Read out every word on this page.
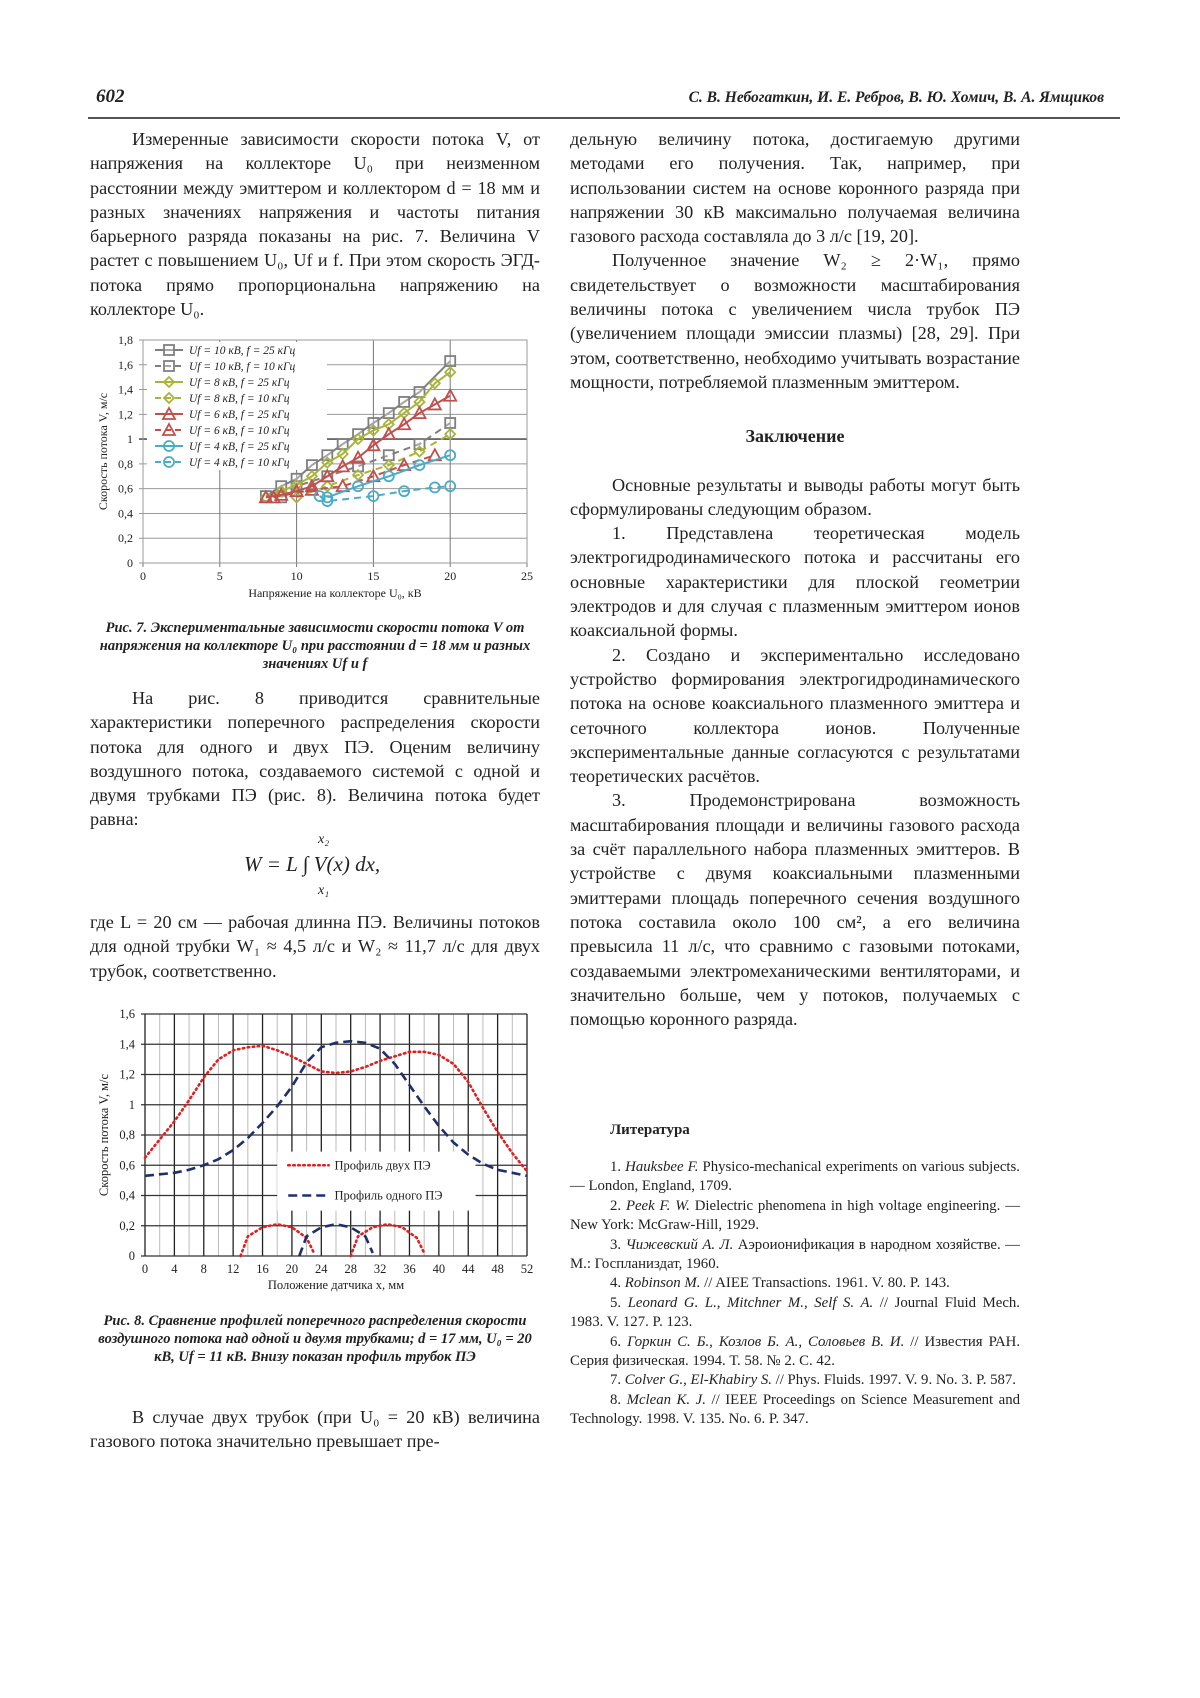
602	С. В. Небогаткин, И. Е. Ребров, В. Ю. Хомич, В. А. Ямщиков

Измеренные зависимости скорости потока V, от напряжения на коллекторе U₀ при неизменном расстоянии между эмиттером и коллектором d = 18 мм и разных значениях напряжения и частоты питания барьерного разряда показаны на рис. 7. Величина V растет с повышением U₀, Uf и f. При этом скорость ЭГД-потока прямо пропорциональна напряжению на коллекторе U₀.

0
0,2
0,4
0,6
0,8
1
1,2
1,4
1,6
1,8
0	5	10	15	20	25
Напряжение на коллекторе U₀, кВ
Скорость потока V, м/с
Uf = 10 кВ, f = 25 кГц
Uf = 10 кВ, f = 10 кГц
Uf = 8 кВ, f = 25 кГц
Uf = 8 кВ, f = 10 кГц
Uf = 6 кВ, f = 25 кГц
Uf = 6 кВ, f = 10 кГц
Uf = 4 кВ, f = 25 кГц
Uf = 4 кВ, f = 10 кГц
Рис. 7. Экспериментальные зависимости скорости потока V от напряжения на коллекторе U₀ при расстоянии d = 18 мм и разных значениях Uf и f

На рис. 8 приводится сравнительные характеристики поперечного распределения скорости потока для одного и двух ПЭ. Оценим величину воздушного потока, создаваемого системой с одной и двумя трубками ПЭ (рис. 8). Величина потока будет равна:

W = L ∫ V(x) dx,
x₂
x₁

где L = 20 см — рабочая длинна ПЭ. Величины потоков для одной трубки W₁ ≈ 4,5 л/с и W₂ ≈ 11,7 л/с для двух трубок, соответственно.

0 4 8 12 16 20 24 28 32 36 40 44 48 52
0
0,2
0,4
0,6
0,8
1
1,2
1,4
1,6
Положение датчика x, мм
Скорость потока V, м/с	Профиль двух ПЭ
Профиль одного ПЭ
Рис. 8. Сравнение профилей поперечного распределения скорости воздушного потока над одной и двумя трубками; d = 17 мм, U₀ = 20 кВ, Uf = 11 кВ. Внизу показан профиль трубок ПЭ

В случае двух трубок (при U₀ = 20 кВ) величина газового потока значительно превышает пре-

дельную величину потока, достигаемую другими методами его получения. Так, например, при использовании систем на основе коронного разряда при напряжении 30 кВ максимально получаемая величина газового расхода составляла до 3 л/с [19, 20].

Полученное значение W₂ ≥ 2·W₁, прямо свидетельствует о возможности масштабирования величины потока с увеличением числа трубок ПЭ (увеличением площади эмиссии плазмы) [28, 29]. При этом, соответственно, необходимо учитывать возрастание мощности, потребляемой плазменным эмиттером.

Заключение

Основные результаты и выводы работы могут быть сформулированы следующим образом.

1. Представлена теоретическая модель электрогидродинамического потока и рассчитаны его основные характеристики для плоской геометрии электродов и для случая с плазменным эмиттером ионов коаксиальной формы.

2. Создано и экспериментально исследовано устройство формирования электрогидродинамического потока на основе коаксиального плазменного эмиттера и сеточного коллектора ионов. Полученные экспериментальные данные согласуются с результатами теоретических расчётов.

3. Продемонстрирована возможность масштабирования площади и величины газового расхода за счёт параллельного набора плазменных эмиттеров. В устройстве с двумя коаксиальными плазменными эмиттерами площадь поперечного сечения воздушного потока составила около 100 см², а его величина превысила 11 л/с, что сравнимо с газовыми потоками, создаваемыми электромеханическими вентиляторами, и значительно больше, чем у потоков, получаемых с помощью коронного разряда.

Литература

1. Hauksbee F. Physico-mechanical experiments on various subjects. — London, England, 1709.

2. Peek F. W. Dielectric phenomena in high voltage engineering. — New York: McGraw-Hill, 1929.

3. Чижевский А. Л. Аэроионификация в народном хозяйстве. — М.: Госпланиздат, 1960.

4. Robinson M. // AIEE Transactions. 1961. V. 80. P. 143.

5. Leonard G. L., Mitchner M., Self S. A. // Journal Fluid Mech. 1983. V. 127. P. 123.

6. Горкин С. Б., Козлов Б. А., Соловьев В. И. // Известия РАН. Серия физическая. 1994. Т. 58. № 2. С. 42.

7. Colver G., El-Khabiry S. // Phys. Fluids. 1997. V. 9. No. 3. P. 587.

8. Mclean K. J. // IEEE Proceedings on Science Measurement and Technology. 1998. V. 135. No. 6. P. 347.
